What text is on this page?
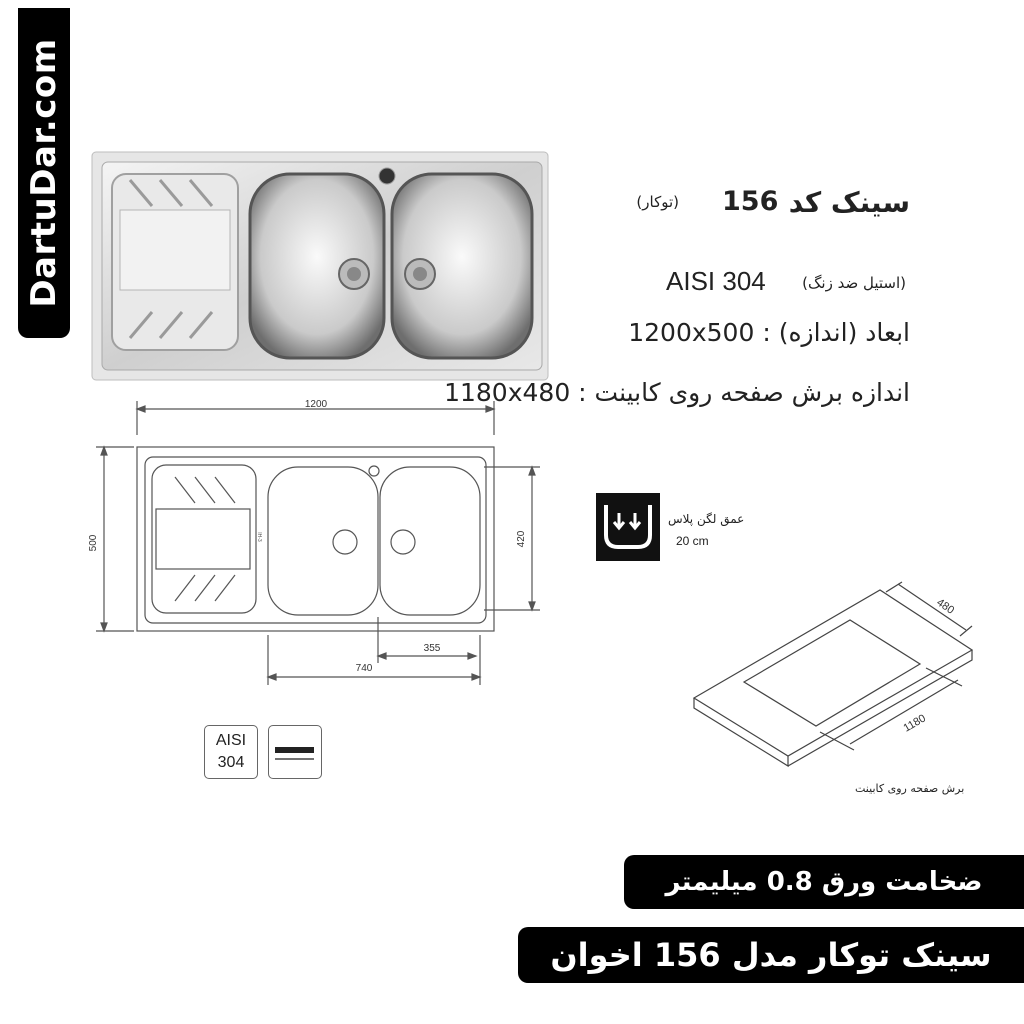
DartuDar.com	سینک کد
156
(توکار)
(استیل ضد زنگ)
AISI 304
1200x500 : ابعاد (اندازه)
1180x480 : اندازه برش صفحه روی کابینت
1200
500	420
740
355
IH-3
عمق لگن پلاس
20 cm
480
1180
برش صفحه روی کابینت
AISI
304
ضخامت ورق 0.8 میلیمتر
سینک توکار مدل 156 اخوان
